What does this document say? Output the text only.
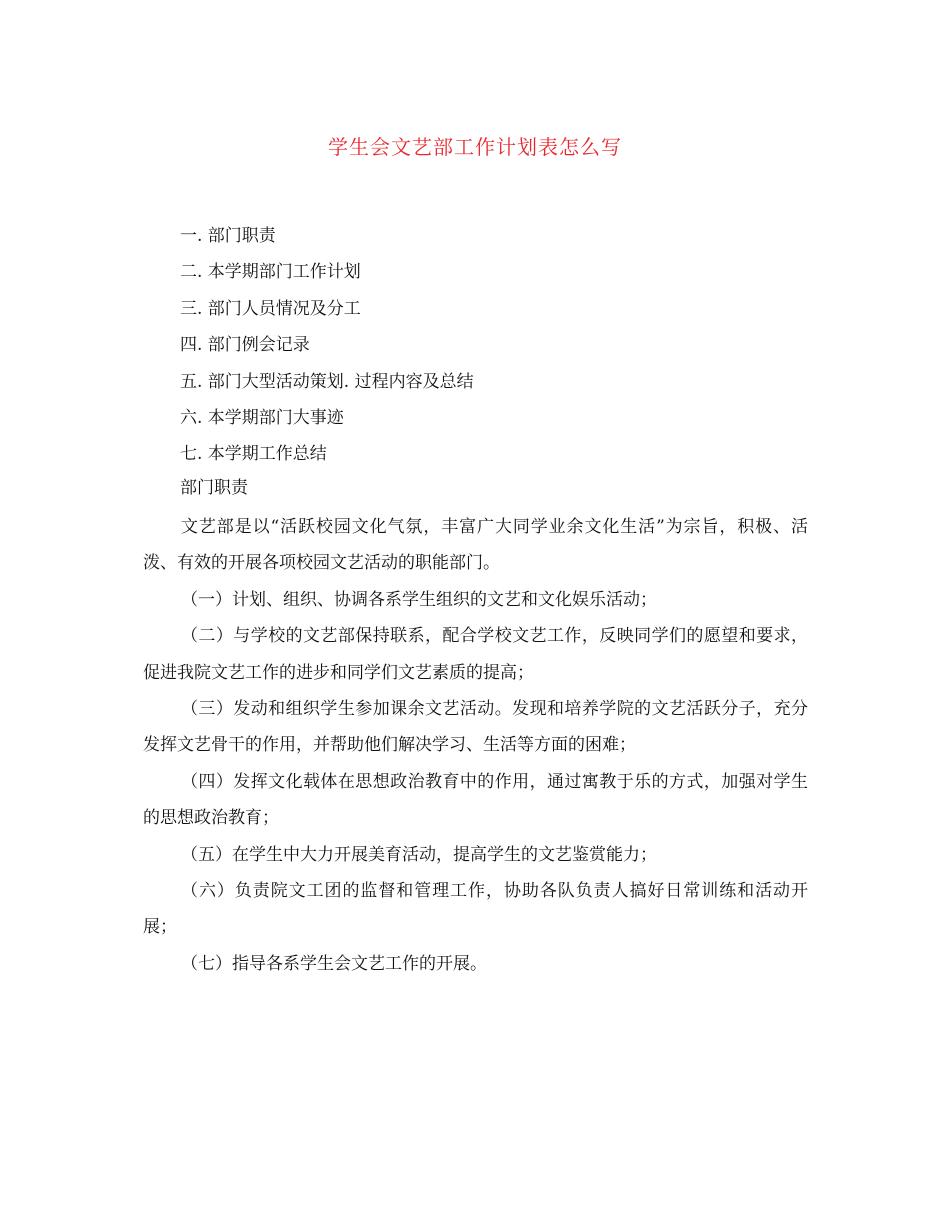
学生会文艺部工作计划表怎么写
一. 部门职责
二. 本学期部门工作计划
三. 部门人员情况及分工
四. 部门例会记录
五. 部门大型活动策划. 过程内容及总结
六. 本学期部门大事迹
七. 本学期工作总结
部门职责

文艺部是以“活跃校园文化气氛，丰富广大同学业余文化生活”为宗旨，积极、活泼、有效的开展各项校园文艺活动的职能部门。

（一）计划、组织、协调各系学生组织的文艺和文化娱乐活动；

（二）与学校的文艺部保持联系，配合学校文艺工作，反映同学们的愿望和要求，促进我院文艺工作的进步和同学们文艺素质的提高；

（三）发动和组织学生参加课余文艺活动。发现和培养学院的文艺活跃分子，充分发挥文艺骨干的作用，并帮助他们解决学习、生活等方面的困难；

（四）发挥文化载体在思想政治教育中的作用，通过寓教于乐的方式，加强对学生的思想政治教育；

（五）在学生中大力开展美育活动，提高学生的文艺鉴赏能力；

（六）负责院文工团的监督和管理工作，协助各队负责人搞好日常训练和活动开展；

（七）指导各系学生会文艺工作的开展。
